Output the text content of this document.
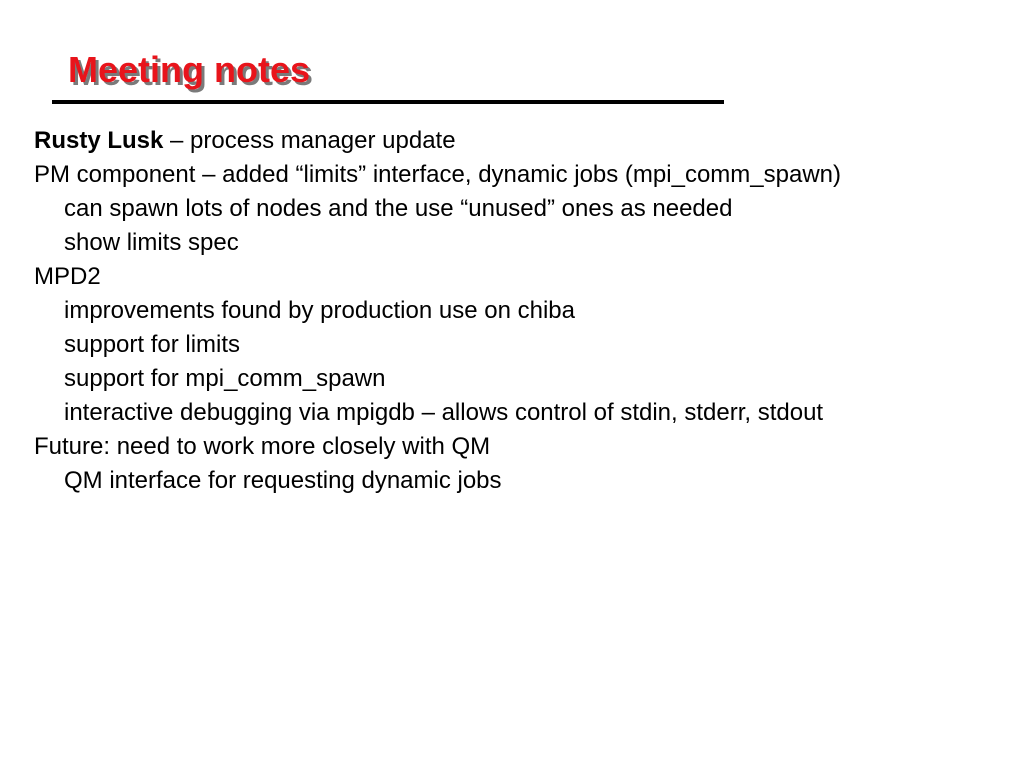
Meeting notes
Rusty Lusk – process manager update
PM component – added “limits” interface, dynamic jobs (mpi_comm_spawn)
can spawn lots of nodes and the use “unused” ones as needed
show limits spec
MPD2
improvements found by production use on chiba
support for limits
support for mpi_comm_spawn
interactive debugging via mpigdb – allows control of stdin, stderr, stdout
Future: need to work more closely with QM
QM interface for requesting dynamic jobs
